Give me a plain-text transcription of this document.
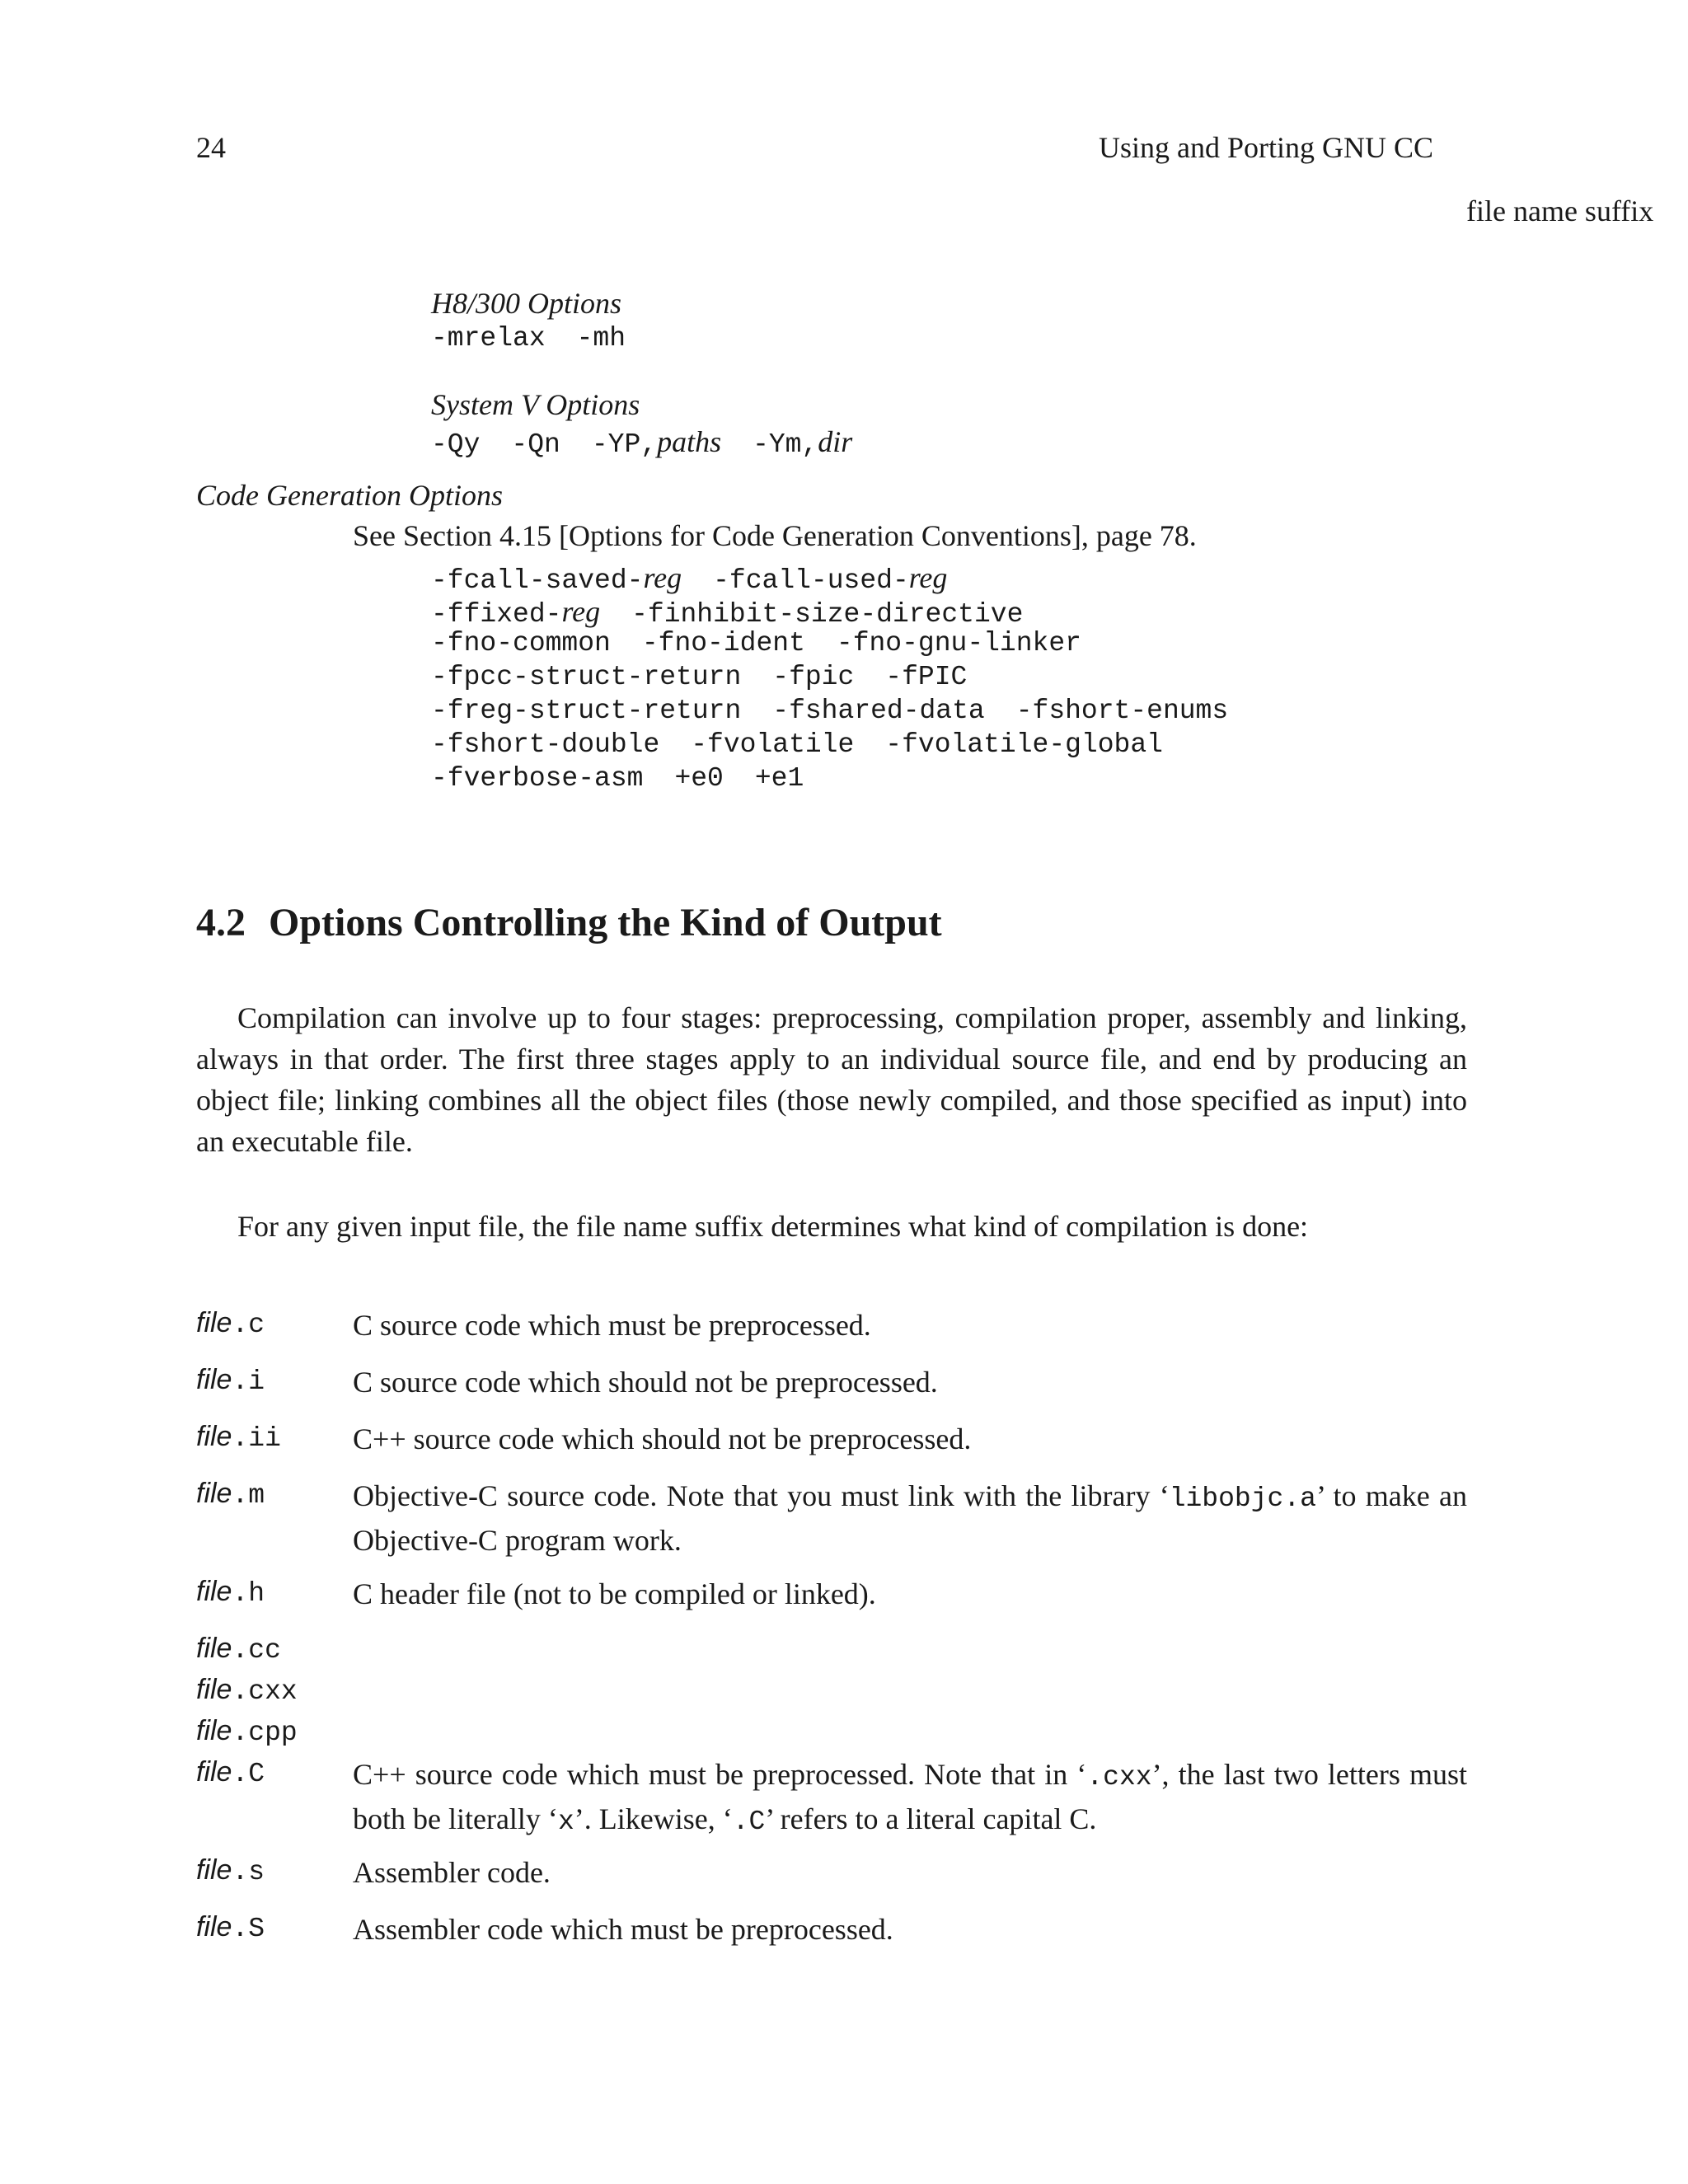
24	Using and Porting GNU CC
file name suffix
H8/300 Options
-mrelax -mh
System V Options
-Qy -Qn -YP,paths -Ym,dir
Code Generation Options
See Section 4.15 [Options for Code Generation Conventions], page 78.
-fcall-saved-reg -fcall-used-reg
-ffixed-reg -finhibit-size-directive
-fno-common -fno-ident -fno-gnu-linker
-fpcc-struct-return -fpic -fPIC
-freg-struct-return -fshared-data -fshort-enums
-fshort-double -fvolatile -fvolatile-global
-fverbose-asm +e0 +e1
4.2 Options Controlling the Kind of Output

Compilation can involve up to four stages: preprocessing, compilation proper, assembly and linking, always in that order. The first three stages apply to an individual source file, and end by producing an object file; linking combines all the object files (those newly compiled, and those specified as input) into an executable file.

For any given input file, the file name suffix determines what kind of compilation is done:

file.c	C source code which must be preprocessed.

file.i	C source code which should not be preprocessed.

file.ii C++ source code which should not be preprocessed.

file.m	Objective-C source code. Note that you must link with the library ‘libobjc.a’ to make an Objective-C program work.

file.h	C header file (not to be compiled or linked).

file.cc
file.cxx
file.cpp
file.C	C++ source code which must be preprocessed. Note that in ‘.cxx’, the last two letters must both be literally ‘x’. Likewise, ‘.C’ refers to a literal capital C.

file.s	Assembler code.

file.S	Assembler code which must be preprocessed.
